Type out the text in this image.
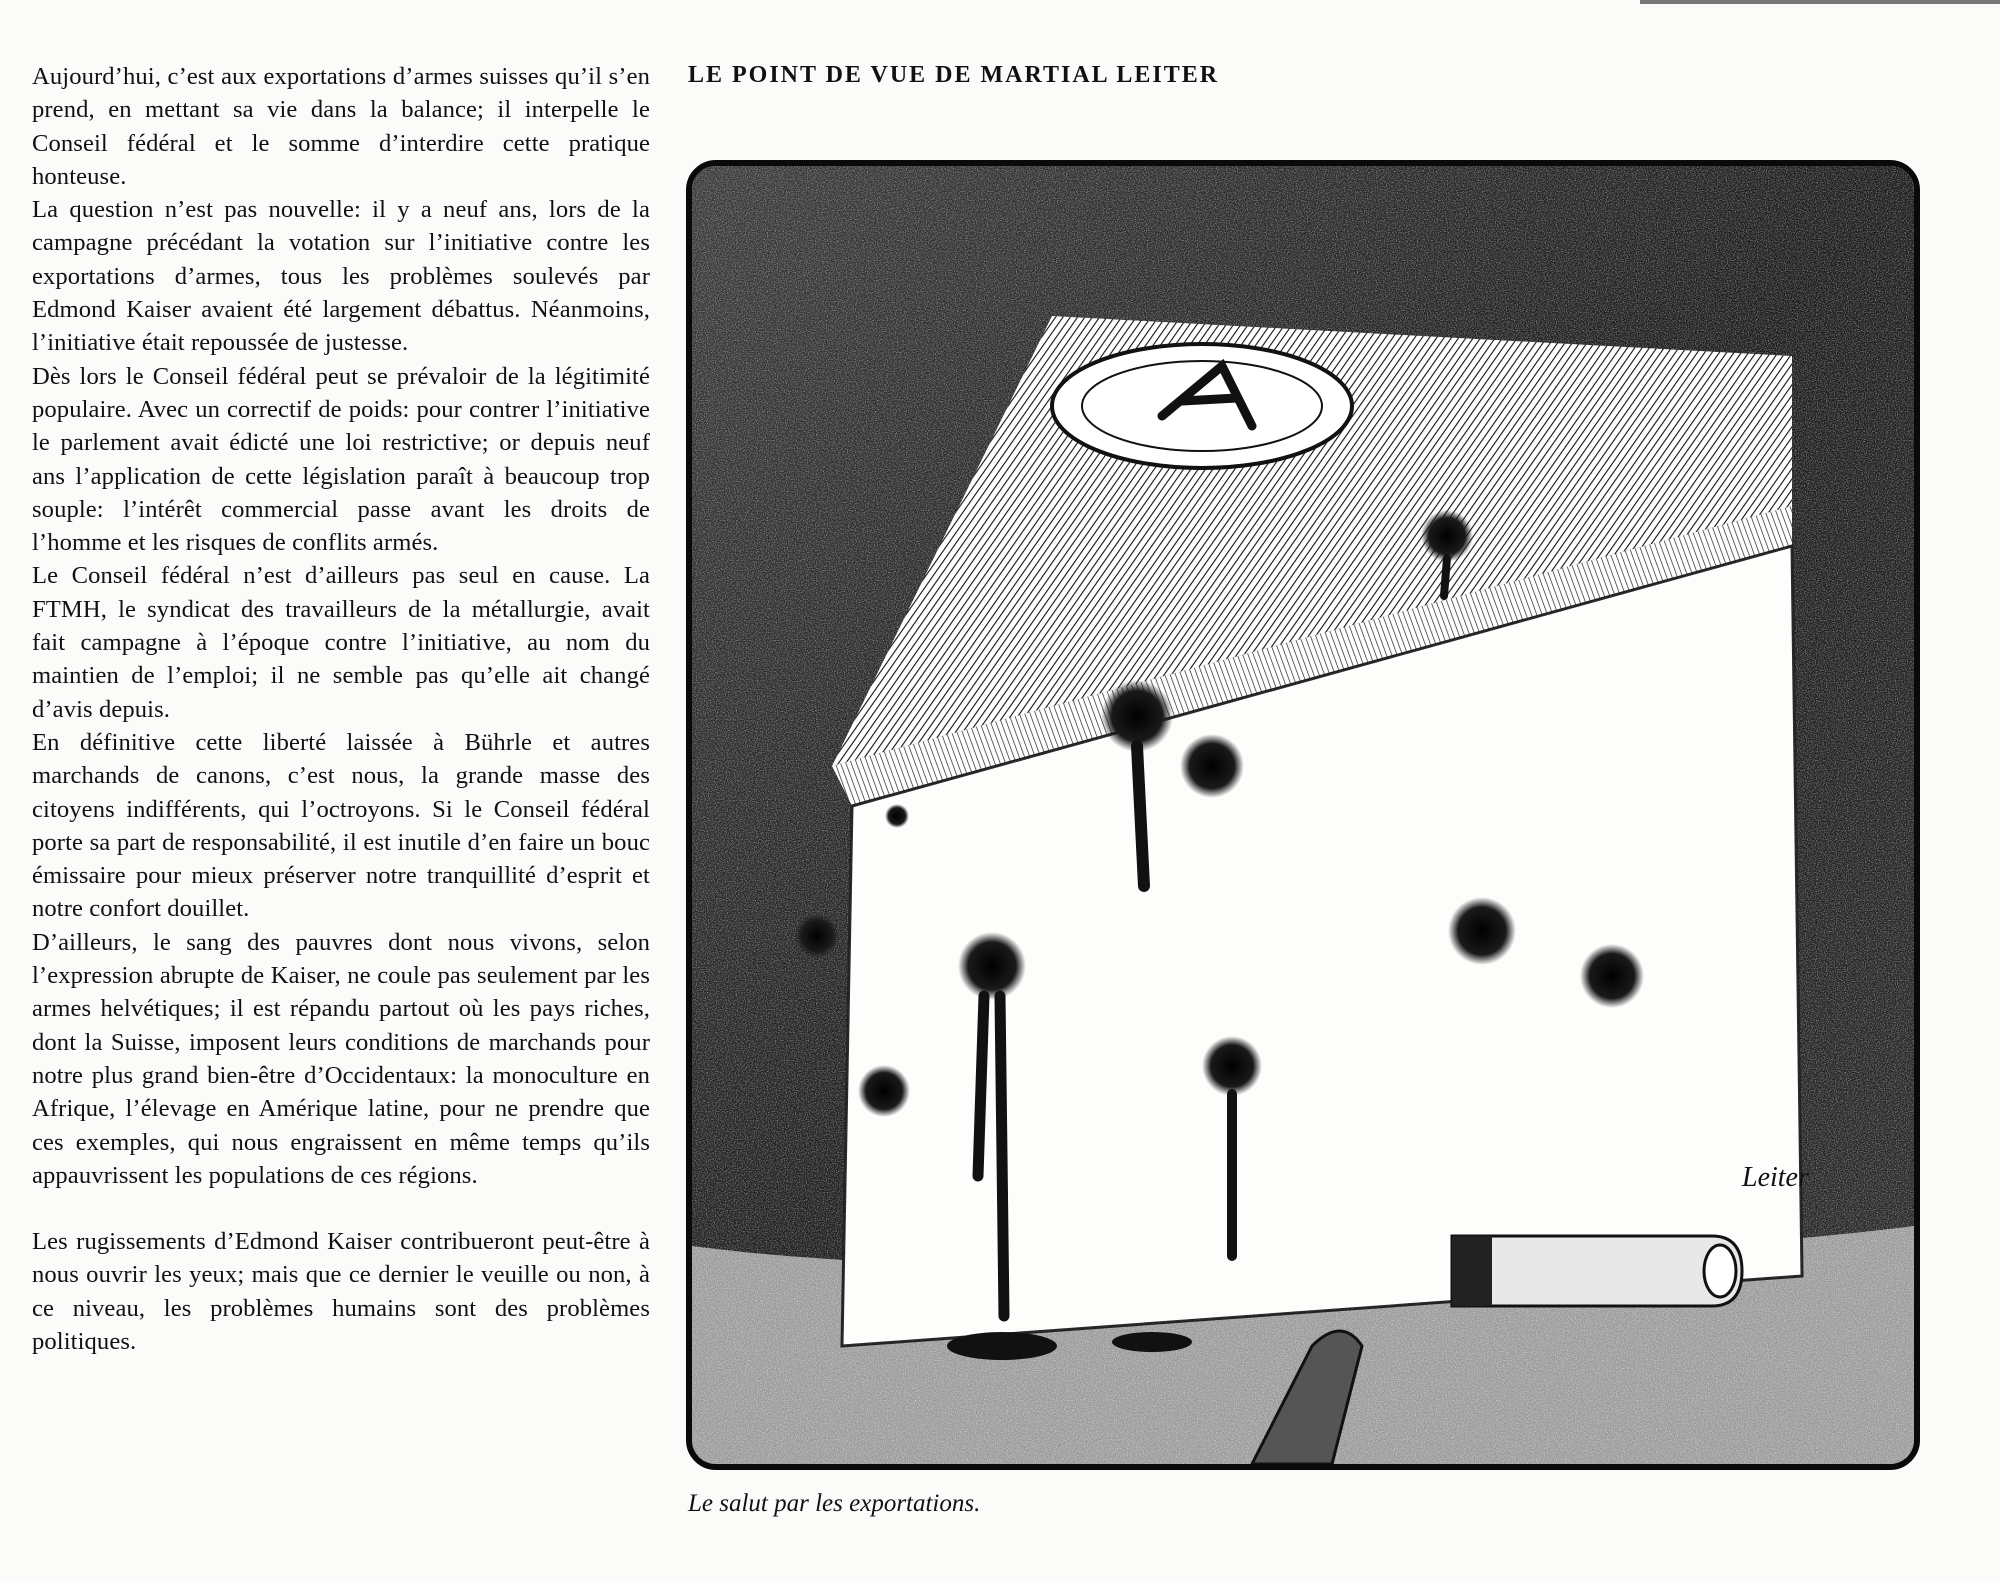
Aujourd’hui, c’est aux exportations d’armes suisses qu’il s’en prend, en mettant sa vie dans la balance; il interpelle le Conseil fédéral et le somme d’interdire cette pratique honteuse.

La question n’est pas nouvelle: il y a neuf ans, lors de la campagne précédant la votation sur l’initiative contre les exportations d’armes, tous les problèmes soulevés par Edmond Kaiser avaient été largement débattus. Néanmoins, l’initiative était repoussée de justesse.

Dès lors le Conseil fédéral peut se prévaloir de la légitimité populaire. Avec un correctif de poids: pour contrer l’initiative le parlement avait édicté une loi restrictive; or depuis neuf ans l’application de cette législation paraît à beaucoup trop souple: l’intérêt commercial passe avant les droits de l’homme et les risques de conflits armés.

Le Conseil fédéral n’est d’ailleurs pas seul en cause. La FTMH, le syndicat des travailleurs de la métallurgie, avait fait campagne à l’époque contre l’initiative, au nom du maintien de l’emploi; il ne semble pas qu’elle ait changé d’avis depuis.

En définitive cette liberté laissée à Bührle et autres marchands de canons, c’est nous, la grande masse des citoyens indifférents, qui l’octroyons. Si le Conseil fédéral porte sa part de responsabilité, il est inutile d’en faire un bouc émissaire pour mieux préserver notre tranquillité d’esprit et notre confort douillet.

D’ailleurs, le sang des pauvres dont nous vivons, selon l’expression abrupte de Kaiser, ne coule pas seulement par les armes helvétiques; il est répandu partout où les pays riches, dont la Suisse, imposent leurs conditions de marchands pour notre plus grand bien-être d’Occidentaux: la monoculture en Afrique, l’élevage en Amérique latine, pour ne prendre que ces exemples, qui nous engraissent en même temps qu’ils appauvrissent les populations de ces régions.

Les rugissements d’Edmond Kaiser contribueront peut-être à nous ouvrir les yeux; mais que ce dernier le veuille ou non, à ce niveau, les problèmes humains sont des problèmes politiques.

LE POINT DE VUE DE MARTIAL LEITER
Leiter
Le salut par les exportations.
